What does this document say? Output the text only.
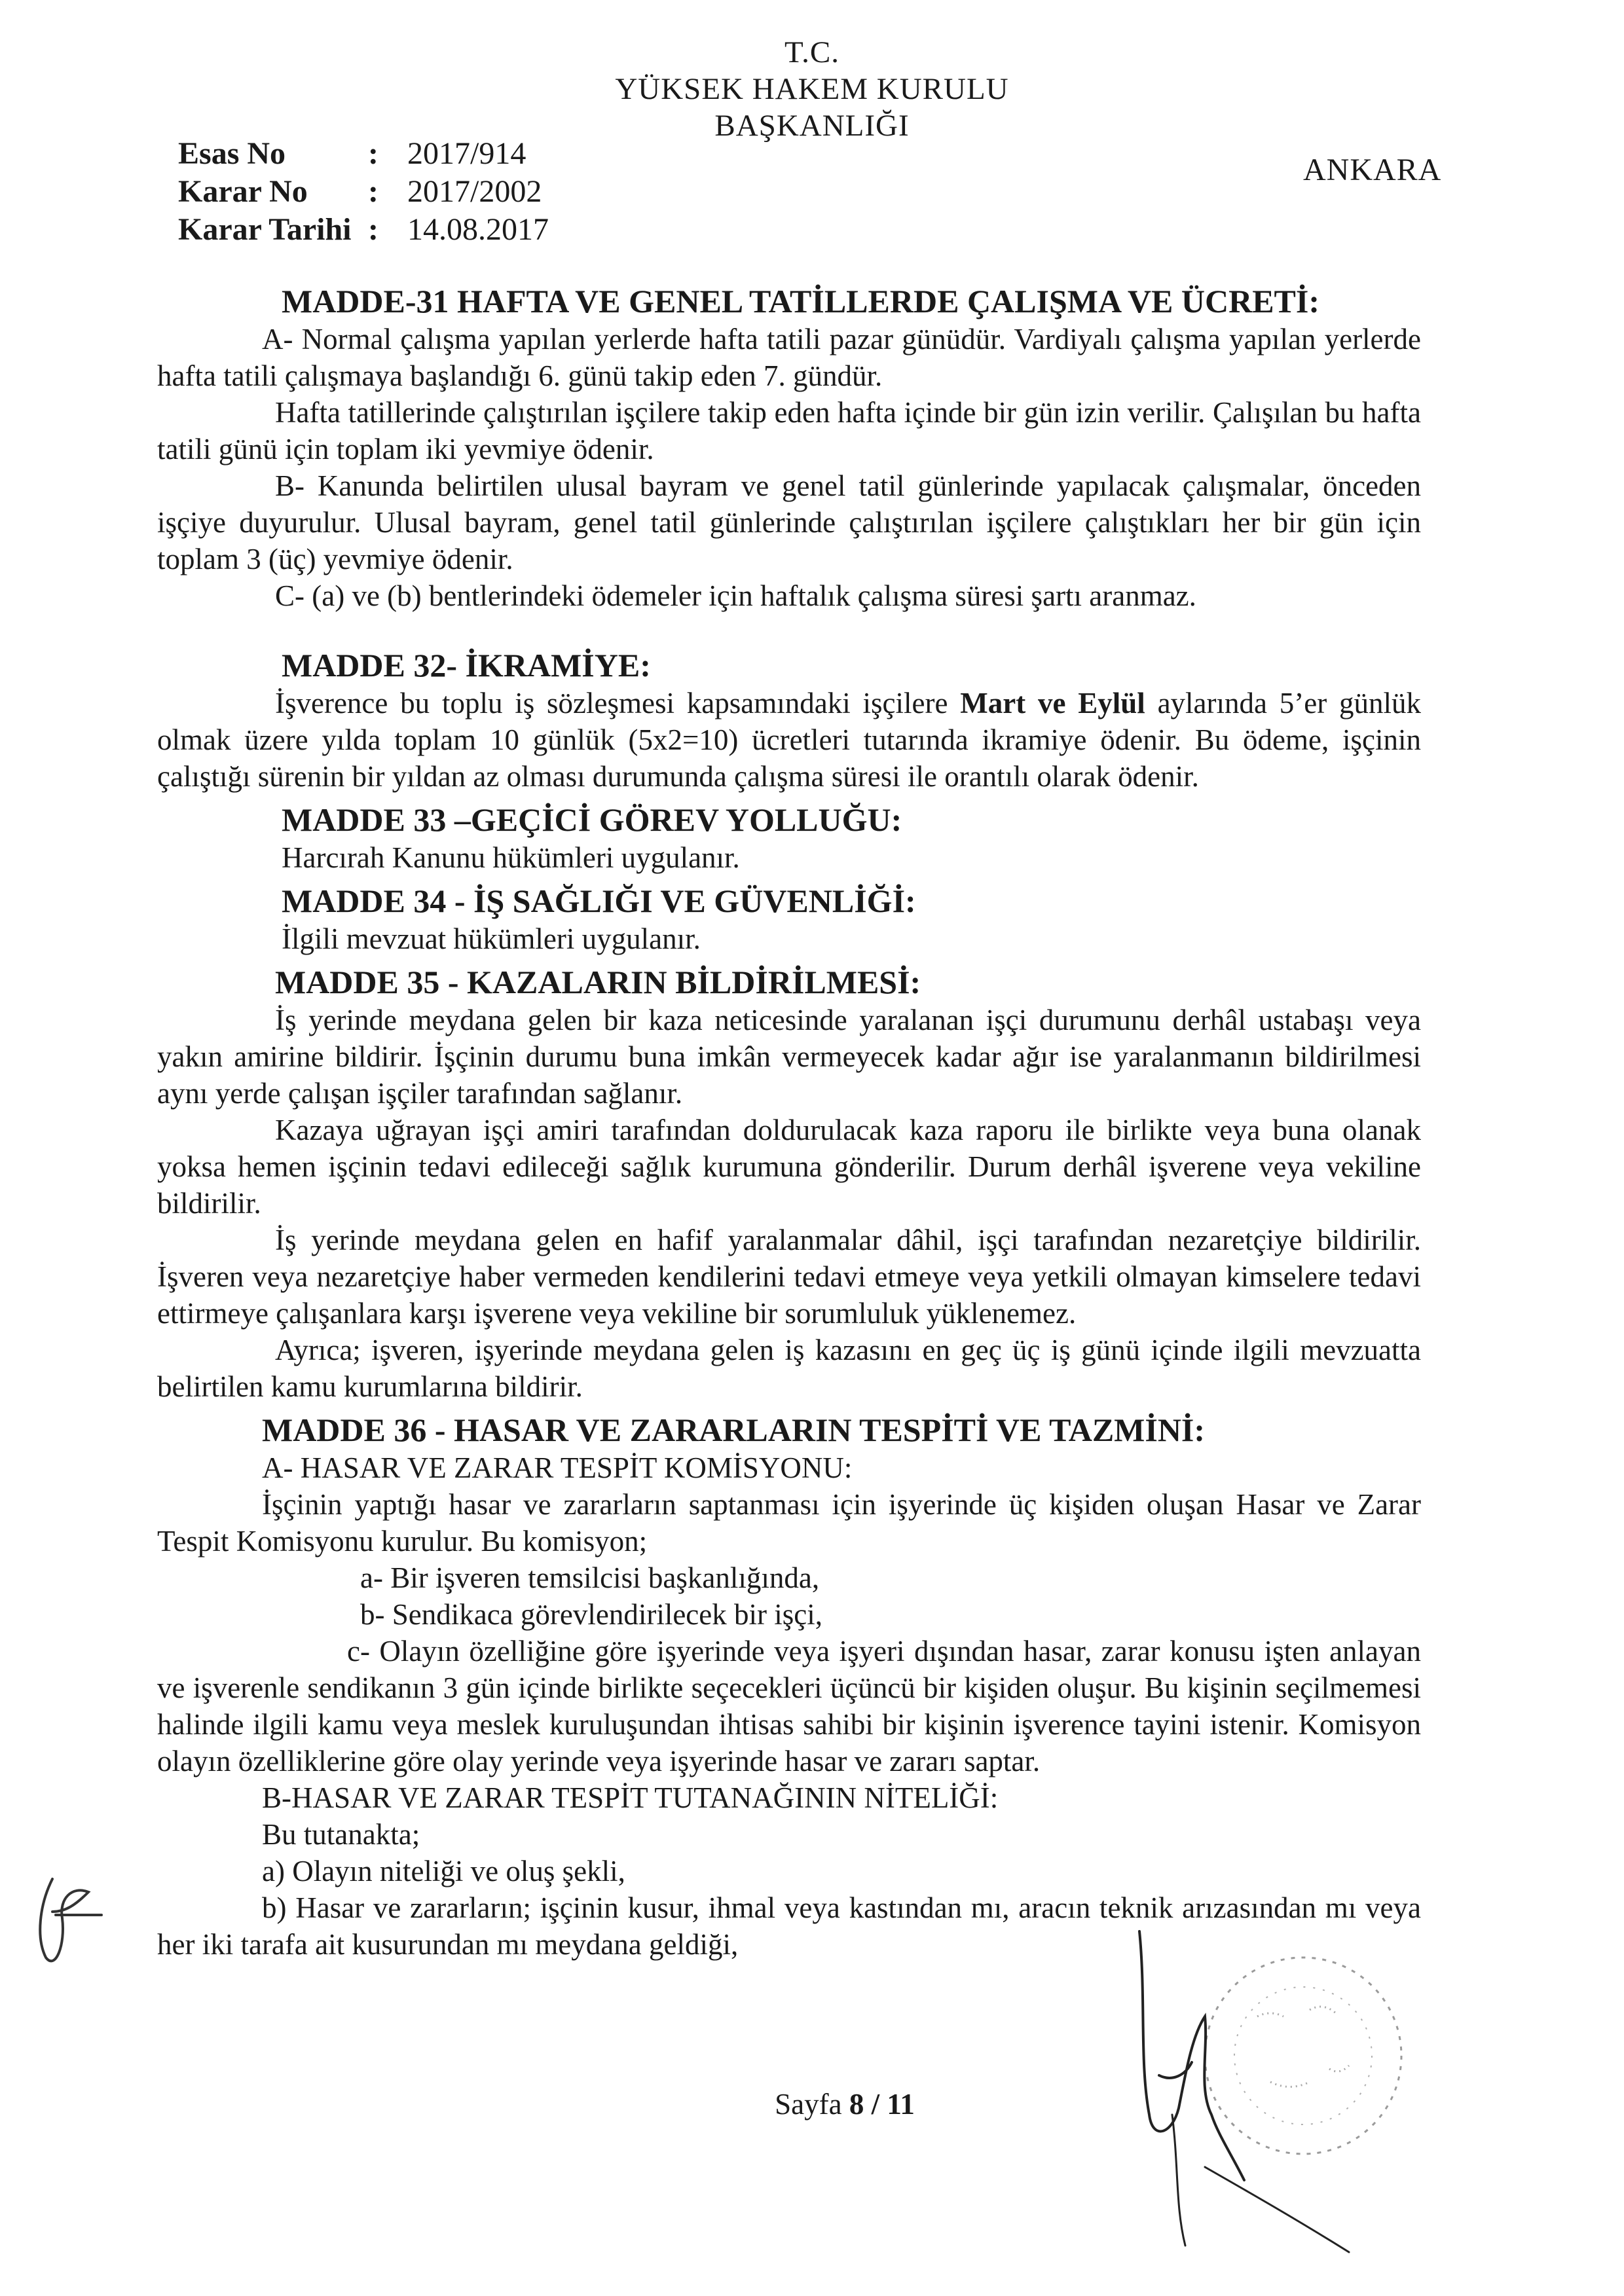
T.C.
YÜKSEK HAKEM KURULU
BAŞKANLIĞI
Esas No	: 2017/914
Karar No	: 2017/2002
Karar Tarihi : 14.08.2017
ANKARA

MADDE-31 HAFTA VE GENEL TATİLLERDE ÇALIŞMA VE ÜCRETİ:

A- Normal çalışma yapılan yerlerde hafta tatili pazar günüdür. Vardiyalı çalışma yapılan yerlerde hafta tatili çalışmaya başlandığı 6. günü takip eden 7. gündür.

Hafta tatillerinde çalıştırılan işçilere takip eden hafta içinde bir gün izin verilir. Çalışılan bu hafta tatili günü için toplam iki yevmiye ödenir.

B- Kanunda belirtilen ulusal bayram ve genel tatil günlerinde yapılacak çalışmalar, önceden işçiye duyurulur. Ulusal bayram, genel tatil günlerinde çalıştırılan işçilere çalıştıkları her bir gün için toplam 3 (üç) yevmiye ödenir.

C- (a) ve (b) bentlerindeki ödemeler için haftalık çalışma süresi şartı aranmaz.

MADDE 32- İKRAMİYE:

İşverence bu toplu iş sözleşmesi kapsamındaki işçilere Mart ve Eylül aylarında 5’er günlük olmak üzere yılda toplam 10 günlük (5x2=10) ücretleri tutarında ikramiye ödenir. Bu ödeme, işçinin çalıştığı sürenin bir yıldan az olması durumunda çalışma süresi ile orantılı olarak ödenir.

MADDE 33 –GEÇİCİ GÖREV YOLLUĞU:

Harcırah Kanunu hükümleri uygulanır.

MADDE 34 - İŞ SAĞLIĞI VE GÜVENLİĞİ:

İlgili mevzuat hükümleri uygulanır.

MADDE 35 - KAZALARIN BİLDİRİLMESİ:

İş yerinde meydana gelen bir kaza neticesinde yaralanan işçi durumunu derhâl ustabaşı veya yakın amirine bildirir. İşçinin durumu buna imkân vermeyecek kadar ağır ise yaralanmanın bildirilmesi aynı yerde çalışan işçiler tarafından sağlanır.

Kazaya uğrayan işçi amiri tarafından doldurulacak kaza raporu ile birlikte veya buna olanak yoksa hemen işçinin tedavi edileceği sağlık kurumuna gönderilir. Durum derhâl işverene veya vekiline bildirilir.

İş yerinde meydana gelen en hafif yaralanmalar dâhil, işçi tarafından nezaretçiye bildirilir. İşveren veya nezaretçiye haber vermeden kendilerini tedavi etmeye veya yetkili olmayan kimselere tedavi ettirmeye çalışanlara karşı işverene veya vekiline bir sorumluluk yüklenemez.

Ayrıca; işveren, işyerinde meydana gelen iş kazasını en geç üç iş günü içinde ilgili mevzuatta belirtilen kamu kurumlarına bildirir.

MADDE 36 - HASAR VE ZARARLARIN TESPİTİ VE TAZMİNİ:

A- HASAR VE ZARAR TESPİT KOMİSYONU:

İşçinin yaptığı hasar ve zararların saptanması için işyerinde üç kişiden oluşan Hasar ve Zarar Tespit Komisyonu kurulur. Bu komisyon;

a- Bir işveren temsilcisi başkanlığında,

b- Sendikaca görevlendirilecek bir işçi,

c- Olayın özelliğine göre işyerinde veya işyeri dışından hasar, zarar konusu işten anlayan ve işverenle sendikanın 3 gün içinde birlikte seçecekleri üçüncü bir kişiden oluşur. Bu kişinin seçilmemesi halinde ilgili kamu veya meslek kuruluşundan ihtisas sahibi bir kişinin işverence tayini istenir. Komisyon olayın özelliklerine göre olay yerinde veya işyerinde hasar ve zararı saptar.

B-HASAR VE ZARAR TESPİT TUTANAĞININ NİTELİĞİ:

Bu tutanakta;

a) Olayın niteliği ve oluş şekli,

b) Hasar ve zararların; işçinin kusur, ihmal veya kastından mı, aracın teknik arızasından mı veya her iki tarafa ait kusurundan mı meydana geldiği,

Sayfa 8 / 11
